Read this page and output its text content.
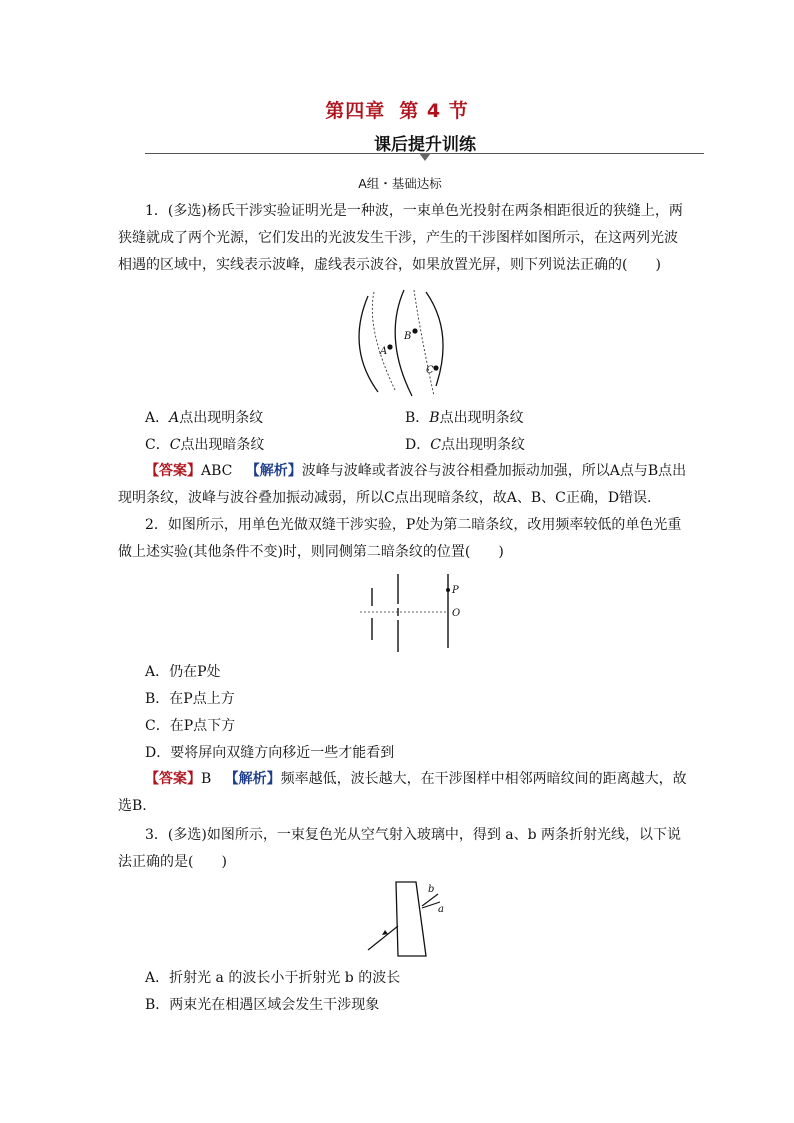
第四章 第 4 节
课后提升训练
A组・基础达标
1．(多选)杨氏干涉实验证明光是一种波，一束单色光投射在两条相距很近的狭缝上，两
狭缝就成了两个光源，它们发出的光波发生干涉，产生的干涉图样如图所示，在这两列光波
相遇的区域中，实线表示波峰，虚线表示波谷，如果放置光屏，则下列说法正确的(　　)
A
B
C
A．A点出现明条纹	B．B点出现明条纹
C．C点出现暗条纹	D．C点出现明条纹
【答案】ABC 【解析】波峰与波峰或者波谷与波谷相叠加振动加强，所以A点与B点出
现明条纹，波峰与波谷叠加振动减弱，所以C点出现暗条纹，故A、B、C正确，D错误.
2．如图所示，用单色光做双缝干涉实验，P处为第二暗条纹，改用频率较低的单色光重
做上述实验(其他条件不变)时，则同侧第二暗条纹的位置(　　)
P
O
A．仍在P处
B．在P点上方
C．在P点下方
D．要将屏向双缝方向移近一些才能看到
【答案】B 【解析】频率越低，波长越大，在干涉图样中相邻两暗纹间的距离越大，故
选B.
3．(多选)如图所示，一束复色光从空气射入玻璃中，得到 a、b 两条折射光线，以下说
法正确的是(　　)
b
a
A．折射光 a 的波长小于折射光 b 的波长
B．两束光在相遇区域会发生干涉现象
